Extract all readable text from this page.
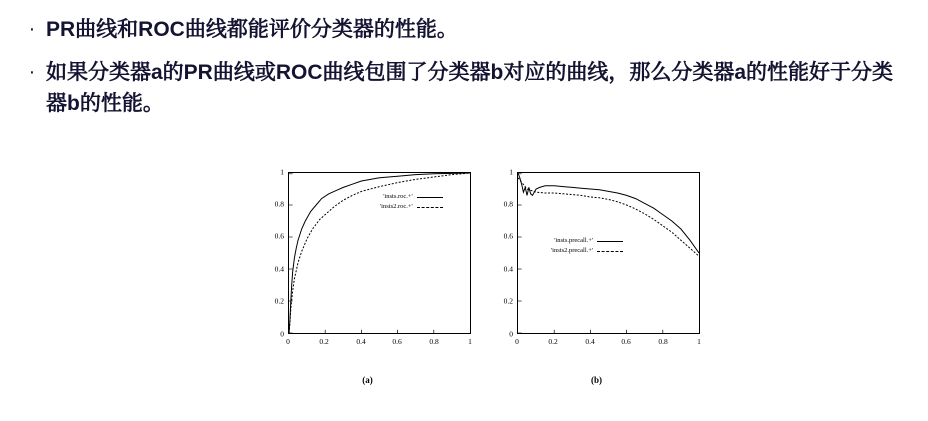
· PR曲线和ROC曲线都能评价分类器的性能。
· 如果分类器a的PR曲线或ROC曲线包围了分类器b对应的曲线，那么分类器a的性能好于分类器b的性能。
1
0.8
0.6
0.4
0.2
0
0	0.2	0.4	0.6	0.8	1
'insts.roc.+'
'insts2.roc.+'
(a)
1
0.8
0.6
0.4
0.2
0
0	0.2	0.4	0.6	0.8	1
'insts.precall.+'
'insts2.precall.+'
(b)
